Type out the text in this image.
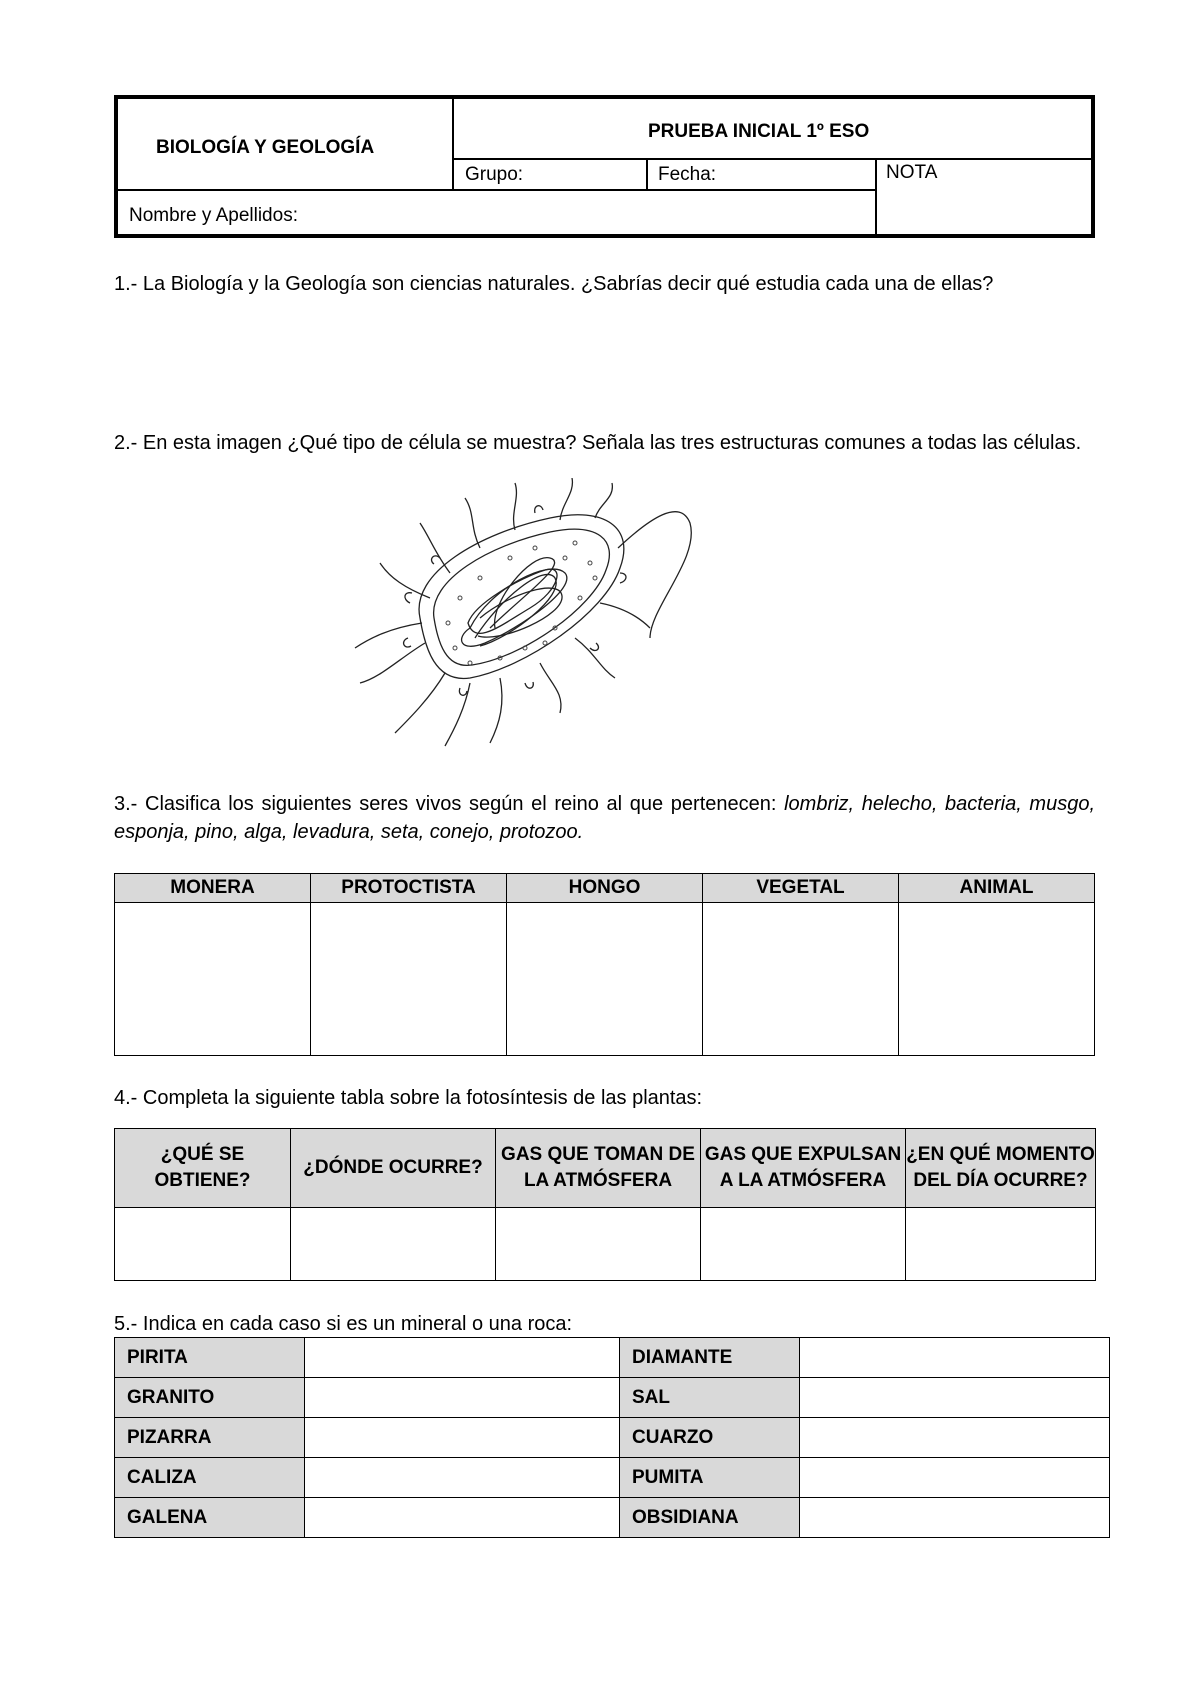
BIOLOGÍA Y GEOLOGÍA
PRUEBA INICIAL 1º ESO
Grupo:	Fecha:	NOTA
Nombre y Apellidos:
1.- La Biología y la Geología son ciencias naturales. ¿Sabrías decir qué estudia cada una de ellas?
2.- En esta imagen ¿Qué tipo de célula se muestra? Señala las tres estructuras comunes a todas las células.
3.- Clasifica los siguientes seres vivos según el reino al que pertenecen: lombriz, helecho, bacteria, musgo, esponja, pino, alga, levadura, seta, conejo, protozoo.
MONERA	PROTOCTISTA	HONGO	VEGETAL	ANIMAL

4.- Completa la siguiente tabla sobre la fotosíntesis de las plantas:
¿QUÉ SE OBTIENE?	¿DÓNDE OCURRE?	GAS QUE TOMAN DE LA ATMÓSFERA	GAS QUE EXPULSAN A LA ATMÓSFERA	¿EN QUÉ MOMENTO DEL DÍA OCURRE?

5.- Indica en cada caso si es un mineral o una roca:
PIRITA		DIAMANTE	
GRANITO		SAL	
PIZARRA		CUARZO	
CALIZA		PUMITA	
GALENA		OBSIDIANA	
